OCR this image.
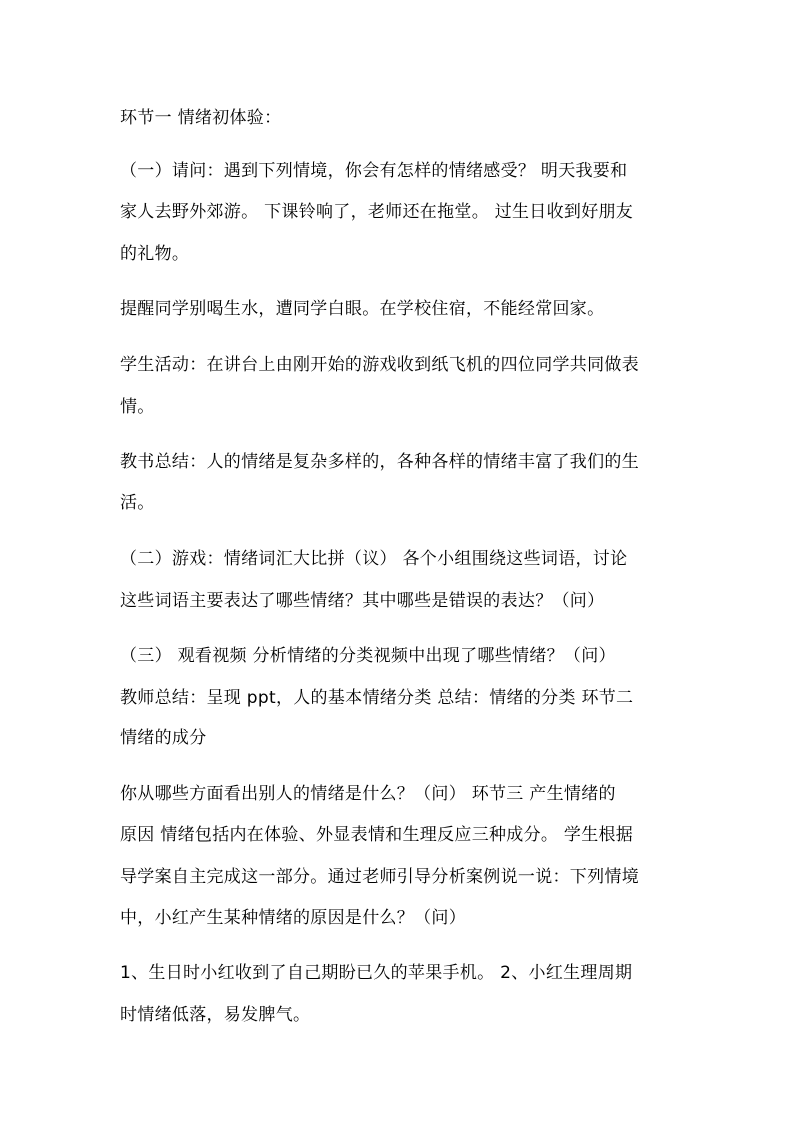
环节一 情绪初体验：
（一）请问：遇到下列情境，你会有怎样的情绪感受？ 明天我要和
家人去野外郊游。 下课铃响了，老师还在拖堂。 过生日收到好朋友
的礼物。
提醒同学别喝生水，遭同学白眼。在学校住宿，不能经常回家。
学生活动：在讲台上由刚开始的游戏收到纸飞机的四位同学共同做表
情。
教书总结：人的情绪是复杂多样的，各种各样的情绪丰富了我们的生
活。
（二）游戏：情绪词汇大比拼（议） 各个小组围绕这些词语，讨论
这些词语主要表达了哪些情绪？其中哪些是错误的表达？（问）
（三） 观看视频 分析情绪的分类视频中出现了哪些情绪？（问）
教师总结：呈现 ppt，人的基本情绪分类 总结：情绪的分类 环节二
情绪的成分
你从哪些方面看出别人的情绪是什么？（问） 环节三 产生情绪的
原因 情绪包括内在体验、外显表情和生理反应三种成分。 学生根据
导学案自主完成这一部分。通过老师引导分析案例说一说：下列情境
中，小红产生某种情绪的原因是什么？（问）
1、生日时小红收到了自己期盼已久的苹果手机。 2、小红生理周期
时情绪低落，易发脾气。
